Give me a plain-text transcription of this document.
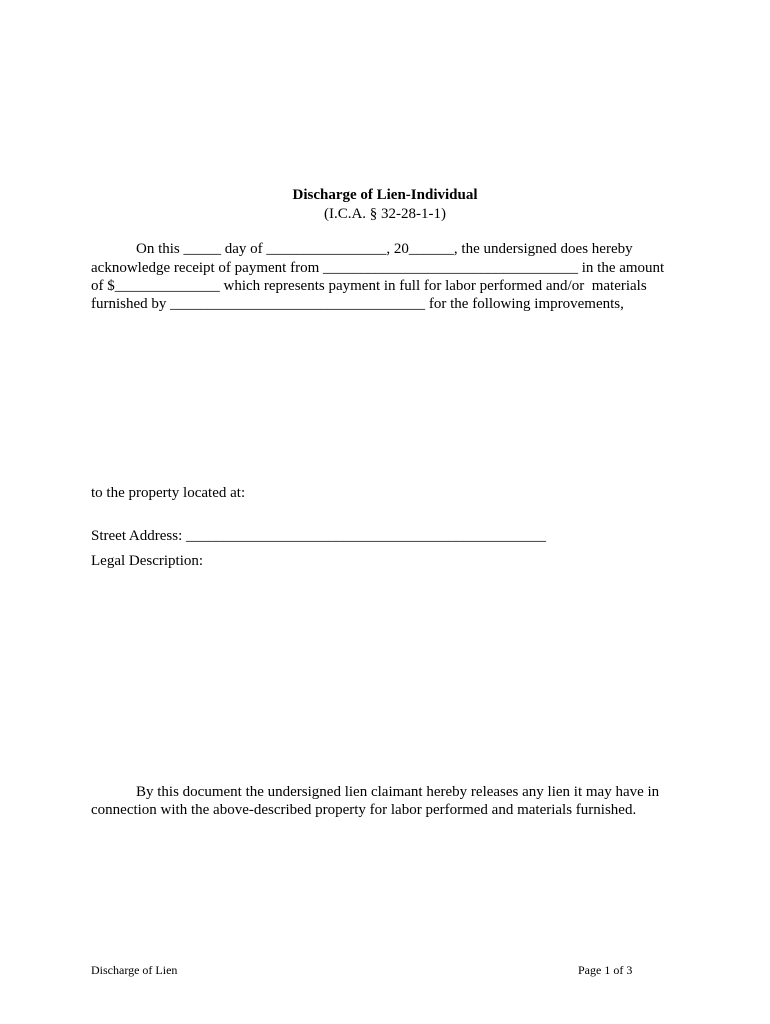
Discharge of Lien-Individual
(I.C.A. § 32-28-1-1)
On this _____ day of ________________, 20______, the undersigned does hereby
acknowledge receipt of payment from __________________________________ in the amount
of $______________ which represents payment in full for labor performed and/or  materials
furnished by __________________________________ for the following improvements,
to the property located at:
Street Address: ________________________________________________
Legal Description:
By this document the undersigned lien claimant hereby releases any lien it may have in
connection with the above-described property for labor performed and materials furnished.
Discharge of Lien	Page 1 of 3
